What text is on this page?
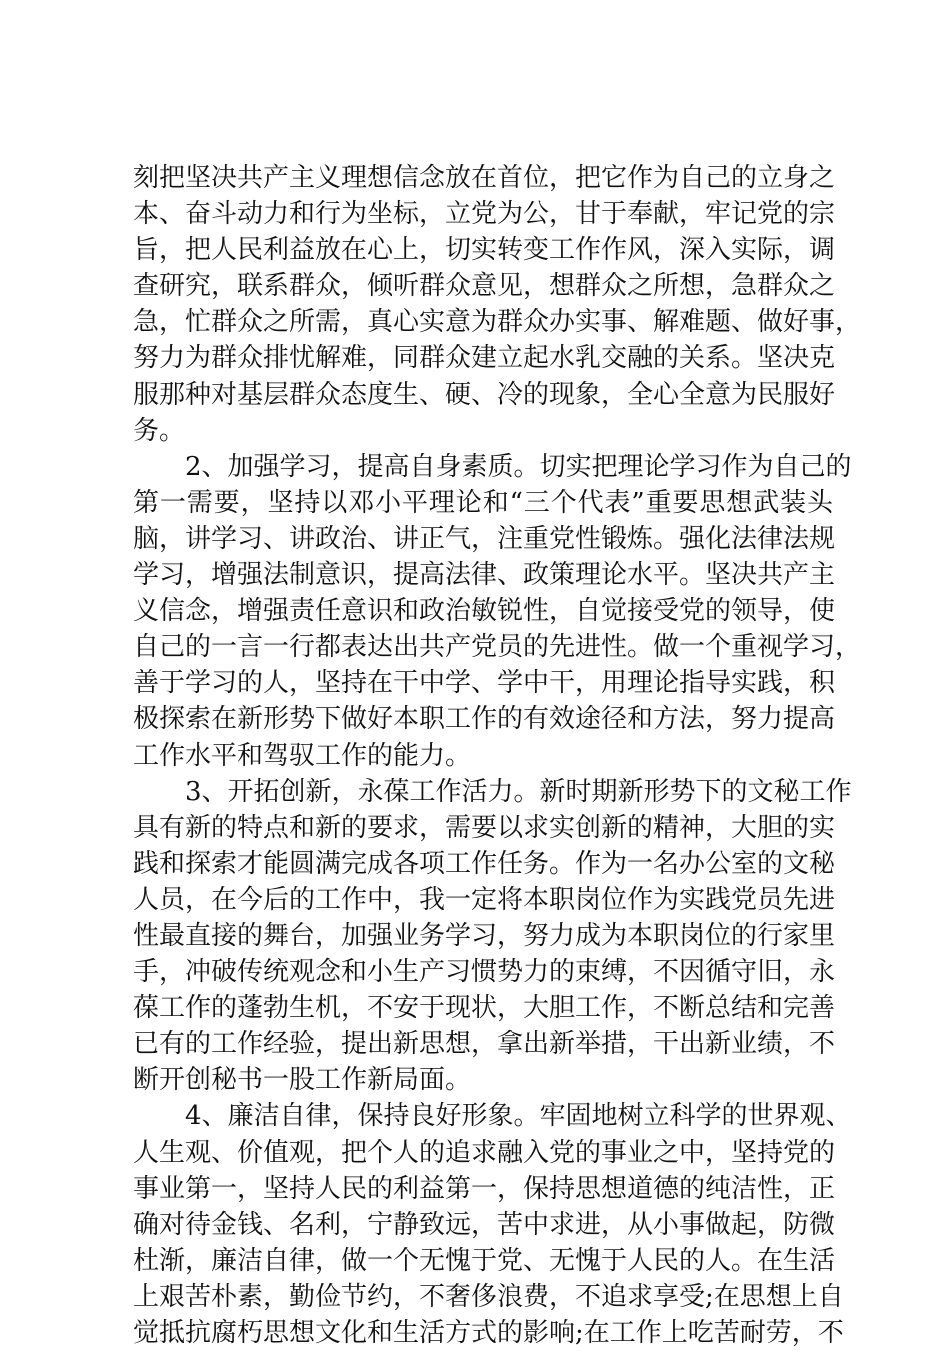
刻把坚决共产主义理想信念放在首位，把它作为自己的立身之
本、奋斗动力和行为坐标，立党为公，甘于奉献，牢记党的宗
旨，把人民利益放在心上，切实转变工作作风，深入实际，调
查研究，联系群众，倾听群众意见，想群众之所想，急群众之
急，忙群众之所需，真心实意为群众办实事、解难题、做好事，
努力为群众排忧解难，同群众建立起水乳交融的关系。坚决克
服那种对基层群众态度生、硬、冷的现象，全心全意为民服好
务。
2、加强学习，提高自身素质。切实把理论学习作为自己的
第一需要，坚持以邓小平理论和“三个代表”重要思想武装头
脑，讲学习、讲政治、讲正气，注重党性锻炼。强化法律法规
学习，增强法制意识，提高法律、政策理论水平。坚决共产主
义信念，增强责任意识和政治敏锐性，自觉接受党的领导，使
自己的一言一行都表达出共产党员的先进性。做一个重视学习，
善于学习的人，坚持在干中学、学中干，用理论指导实践，积
极探索在新形势下做好本职工作的有效途径和方法，努力提高
工作水平和驾驭工作的能力。
3、开拓创新，永葆工作活力。新时期新形势下的文秘工作
具有新的特点和新的要求，需要以求实创新的精神，大胆的实
践和探索才能圆满完成各项工作任务。作为一名办公室的文秘
人员，在今后的工作中，我一定将本职岗位作为实践党员先进
性最直接的舞台，加强业务学习，努力成为本职岗位的行家里
手，冲破传统观念和小生产习惯势力的束缚，不因循守旧，永
葆工作的蓬勃生机，不安于现状，大胆工作，不断总结和完善
已有的工作经验，提出新思想，拿出新举措，干出新业绩，不
断开创秘书一股工作新局面。
4、廉洁自律，保持良好形象。牢固地树立科学的世界观、
人生观、价值观，把个人的追求融入党的事业之中，坚持党的
事业第一，坚持人民的利益第一，保持思想道德的纯洁性，正
确对待金钱、名利，宁静致远，苦中求进，从小事做起，防微
杜渐，廉洁自律，做一个无愧于党、无愧于人民的人。在生活
上艰苦朴素，勤俭节约，不奢侈浪费，不追求享受;在思想上自
觉抵抗腐朽思想文化和生活方式的影响;在工作上吃苦耐劳，不
